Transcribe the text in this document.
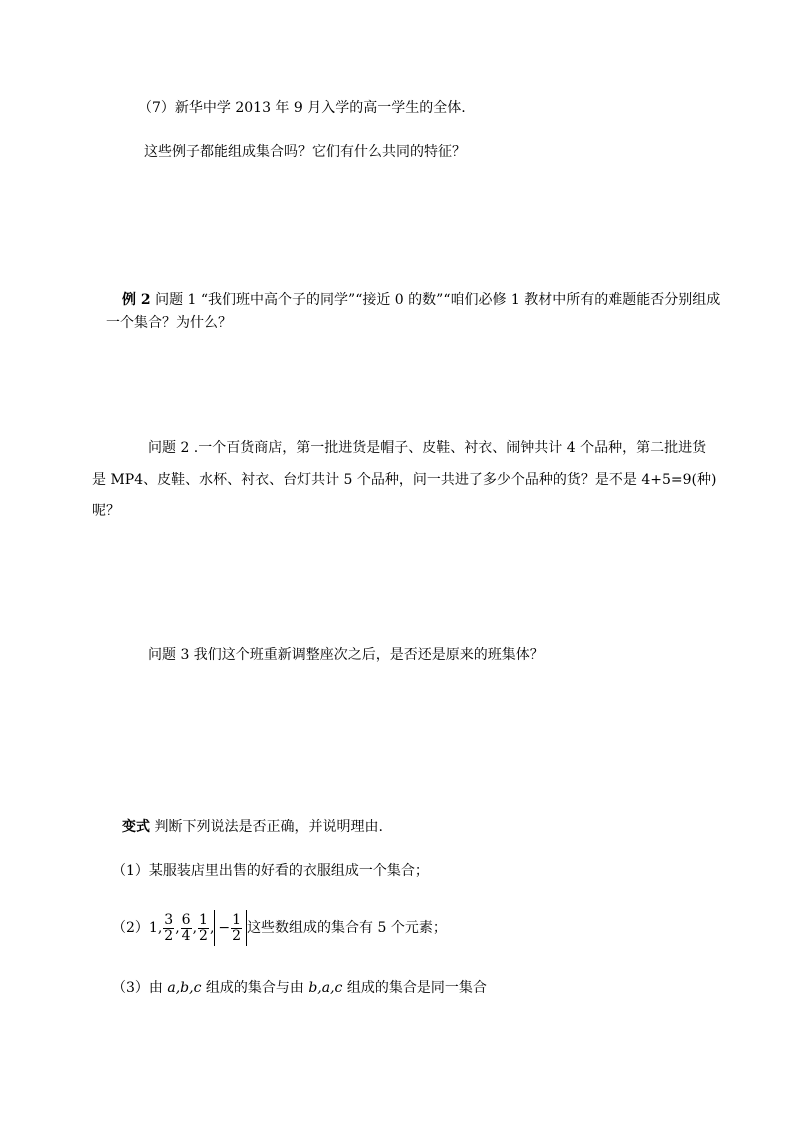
（7）新华中学 2013 年 9 月入学的高一学生的全体.
这些例子都能组成集合吗？它们有什么共同的特征？
例 2 问题 1 “我们班中高个子的同学”“接近 0 的数”“咱们必修 1 教材中所有的难题能否分别组成
一个集合？为什么？
问题 2 .一个百货商店，第一批进货是帽子、皮鞋、衬衣、闹钟共计 4 个品种，第二批进货
是 MP4、皮鞋、水杯、衬衣、台灯共计 5 个品种，问一共进了多少个品种的货？是不是 4+5=9(种)
呢？
问题 3 我们这个班重新调整座次之后，是否还是原来的班集体？
变式 判断下列说法是否正确，并说明理由.
（1）某服装店里出售的好看的衣服组成一个集合；
（2）1, $\frac{3}{2}$ , $\frac{6}{4}$ , $\frac{1}{2}$ , − $\frac{1}{2}$ 这些数组成的集合有 5 个元素；
（3）由 a,b,c 组成的集合与由 b,a,c 组成的集合是同一集合
